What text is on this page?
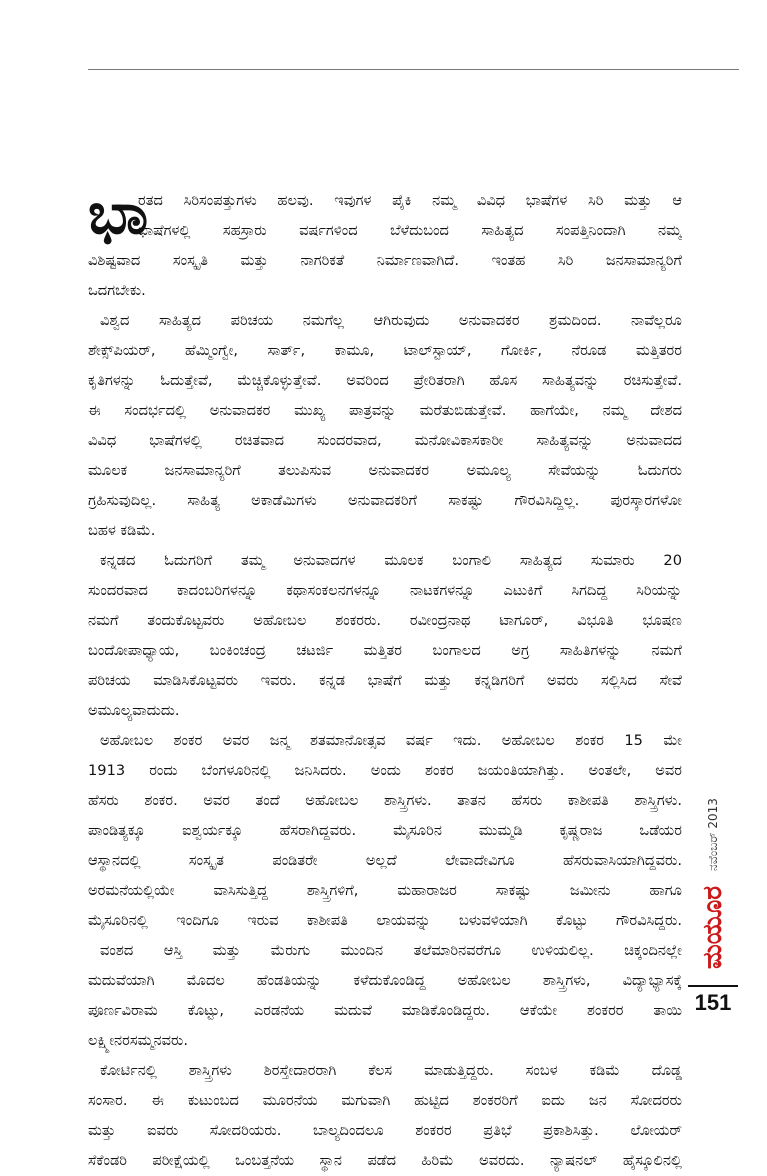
ಭಾ
ರತದ ಸಿರಿಸಂಪತ್ತುಗಳು ಹಲವು. ಇವುಗಳ ಪೈಕಿ ನಮ್ಮ ವಿವಿಧ ಭಾಷೆಗಳ ಸಿರಿ ಮತ್ತು ಆ
ಭಾಷೆಗಳಲ್ಲಿ ಸಹಸ್ರಾರು ವರ್ಷಗಳಿಂದ ಬೆಳೆದುಬಂದ ಸಾಹಿತ್ಯದ ಸಂಪತ್ತಿನಿಂದಾಗಿ ನಮ್ಮ
ವಿಶಿಷ್ಟವಾದ ಸಂಸ್ಕೃತಿ ಮತ್ತು ನಾಗರಿಕತೆ ನಿರ್ಮಾಣವಾಗಿದೆ. ಇಂತಹ ಸಿರಿ ಜನಸಾಮಾನ್ಯರಿಗೆ
ಒದಗಬೇಕು.
ವಿಶ್ವದ ಸಾಹಿತ್ಯದ ಪರಿಚಯ ನಮಗೆಲ್ಲ ಆಗಿರುವುದು ಅನುವಾದಕರ ಶ್ರಮದಿಂದ. ನಾವೆಲ್ಲರೂ
ಶೇಕ್ಸ್‌ಪಿಯರ್, ಹೆಮ್ಮಿಂಗ್ವೇ, ಸಾರ್ತ್, ಕಾಮೂ, ಟಾಲ್‌ಸ್ಟಾಯ್, ಗೋರ್ಕಿ, ನೆರೂಡ ಮತ್ತಿತರರ
ಕೃತಿಗಳನ್ನು ಓದುತ್ತೇವೆ, ಮೆಚ್ಚಿಕೊಳ್ಳುತ್ತೇವೆ. ಅವರಿಂದ ಪ್ರೇರಿತರಾಗಿ ಹೊಸ ಸಾಹಿತ್ಯವನ್ನು ರಚಿಸುತ್ತೇವೆ.
ಈ ಸಂದರ್ಭದಲ್ಲಿ ಅನುವಾದಕರ ಮುಖ್ಯ ಪಾತ್ರವನ್ನು ಮರೆತುಬಿಡುತ್ತೇವೆ. ಹಾಗೆಯೇ, ನಮ್ಮ ದೇಶದ
ವಿವಿಧ ಭಾಷೆಗಳಲ್ಲಿ ರಚಿತವಾದ ಸುಂದರವಾದ, ಮನೋವಿಕಾಸಕಾರೀ ಸಾಹಿತ್ಯವನ್ನು ಅನುವಾದದ
ಮೂಲಕ ಜನಸಾಮಾನ್ಯರಿಗೆ ತಲುಪಿಸುವ ಅನುವಾದಕರ ಅಮೂಲ್ಯ ಸೇವೆಯನ್ನು ಓದುಗರು
ಗ್ರಹಿಸುವುದಿಲ್ಲ. ಸಾಹಿತ್ಯ ಅಕಾಡೆಮಿಗಳು ಅನುವಾದಕರಿಗೆ ಸಾಕಷ್ಟು ಗೌರವಿಸಿದ್ದಿಲ್ಲ. ಪುರಸ್ಕಾರಗಳೋ
ಬಹಳ ಕಡಿಮೆ.
ಕನ್ನಡದ ಓದುಗರಿಗೆ ತಮ್ಮ ಅನುವಾದಗಳ ಮೂಲಕ ಬಂಗಾಲಿ ಸಾಹಿತ್ಯದ ಸುಮಾರು 20
ಸುಂದರವಾದ ಕಾದಂಬರಿಗಳನ್ನೂ ಕಥಾಸಂಕಲನಗಳನ್ನೂ ನಾಟಕಗಳನ್ನೂ ಎಟುಕಿಗೆ ಸಿಗದಿದ್ದ ಸಿರಿಯನ್ನು
ನಮಗೆ ತಂದುಕೊಟ್ಟವರು ಅಹೋಬಲ ಶಂಕರರು. ರವೀಂದ್ರನಾಥ ಟಾಗೂರ್, ವಿಭೂತಿ ಭೂಷಣ
ಬಂದೋಪಾಧ್ಯಾಯ, ಬಂಕಿಂಚಂದ್ರ ಚಟರ್ಜಿ ಮತ್ತಿತರ ಬಂಗಾಲದ ಅಗ್ರ ಸಾಹಿತಿಗಳನ್ನು ನಮಗೆ
ಪರಿಚಯ ಮಾಡಿಸಿಕೊಟ್ಟವರು ಇವರು. ಕನ್ನಡ ಭಾಷೆಗೆ ಮತ್ತು ಕನ್ನಡಿಗರಿಗೆ ಅವರು ಸಲ್ಲಿಸಿದ ಸೇವೆ
ಅಮೂಲ್ಯವಾದುದು.
ಅಹೋಬಲ ಶಂಕರ ಅವರ ಜನ್ಮ ಶತಮಾನೋತ್ಸವ ವರ್ಷ ಇದು. ಅಹೋಬಲ ಶಂಕರ 15 ಮೇ
1913 ರಂದು ಬೆಂಗಳೂರಿನಲ್ಲಿ ಜನಿಸಿದರು. ಅಂದು ಶಂಕರ ಜಯಂತಿಯಾಗಿತ್ತು. ಅಂತಲೇ, ಅವರ
ಹೆಸರು ಶಂಕರ. ಅವರ ತಂದೆ ಅಹೋಬಲ ಶಾಸ್ತ್ರಿಗಳು. ತಾತನ ಹೆಸರು ಕಾಶೀಪತಿ ಶಾಸ್ತ್ರಿಗಳು.
ಪಾಂಡಿತ್ಯಕ್ಕೂ ಐಶ್ವರ್ಯಕ್ಕೂ ಹೆಸರಾಗಿದ್ದವರು. ಮೈಸೂರಿನ ಮುಮ್ಮಡಿ ಕೃಷ್ಣರಾಜ ಒಡೆಯರ
ಆಸ್ಥಾನದಲ್ಲಿ ಸಂಸ್ಕೃತ ಪಂಡಿತರೇ ಅಲ್ಲದೆ ಲೇವಾದೇವಿಗೂ ಹೆಸರುವಾಸಿಯಾಗಿದ್ದವರು.
ಅರಮನೆಯಲ್ಲಿಯೇ ವಾಸಿಸುತ್ತಿದ್ದ ಶಾಸ್ತ್ರಿಗಳಿಗೆ, ಮಹಾರಾಜರ ಸಾಕಷ್ಟು ಜಮೀನು ಹಾಗೂ
ಮೈಸೂರಿನಲ್ಲಿ ಇಂದಿಗೂ ಇರುವ ಕಾಶೀಪತಿ ಲಾಯವನ್ನು ಬಳುವಳಿಯಾಗಿ ಕೊಟ್ಟು ಗೌರವಿಸಿದ್ದರು.
ವಂಶದ ಆಸ್ತಿ ಮತ್ತು ಮೆರುಗು ಮುಂದಿನ ತಲೆಮಾರಿನವರೆಗೂ ಉಳಿಯಲಿಲ್ಲ. ಚಿಕ್ಕಂದಿನಲ್ಲೇ
ಮದುವೆಯಾಗಿ ಮೊದಲ ಹೆಂಡತಿಯನ್ನು ಕಳೆದುಕೊಂಡಿದ್ದ ಅಹೋಬಲ ಶಾಸ್ತ್ರಿಗಳು, ವಿದ್ಯಾಭ್ಯಾಸಕ್ಕೆ
ಪೂರ್ಣವಿರಾಮ ಕೊಟ್ಟು, ಎರಡನೆಯ ಮದುವೆ ಮಾಡಿಕೊಂಡಿದ್ದರು. ಆಕೆಯೇ ಶಂಕರರ ತಾಯಿ
ಲಕ್ಷ್ಮೀನರಸಮ್ಮನವರು.
ಕೋರ್ಟಿನಲ್ಲಿ ಶಾಸ್ತ್ರಿಗಳು ಶಿರಸ್ತೇದಾರರಾಗಿ ಕೆಲಸ ಮಾಡುತ್ತಿದ್ದರು. ಸಂಬಳ ಕಡಿಮೆ ದೊಡ್ಡ
ಸಂಸಾರ. ಈ ಕುಟುಂಬದ ಮೂರನೆಯ ಮಗುವಾಗಿ ಹುಟ್ಟಿದ ಶಂಕರರಿಗೆ ಐದು ಜನ ಸೋದರರು
ಮತ್ತು ಐವರು ಸೋದರಿಯರು. ಬಾಲ್ಯದಿಂದಲೂ ಶಂಕರರ ಪ್ರತಿಭೆ ಪ್ರಕಾಶಿಸಿತ್ತು. ಲೋಯರ್
ಸೆಕೆಂಡರಿ ಪರೀಕ್ಷೆಯಲ್ಲಿ ಒಂಬತ್ತನೆಯ ಸ್ಥಾನ ಪಡೆದ ಹಿರಿಮೆ ಅವರದು. ನ್ಯಾಷನಲ್ ಹೈಸ್ಕೂಲಿನಲ್ಲಿ
ನವೆಂಬರ್ 2013
ಮಯೂರ
151
